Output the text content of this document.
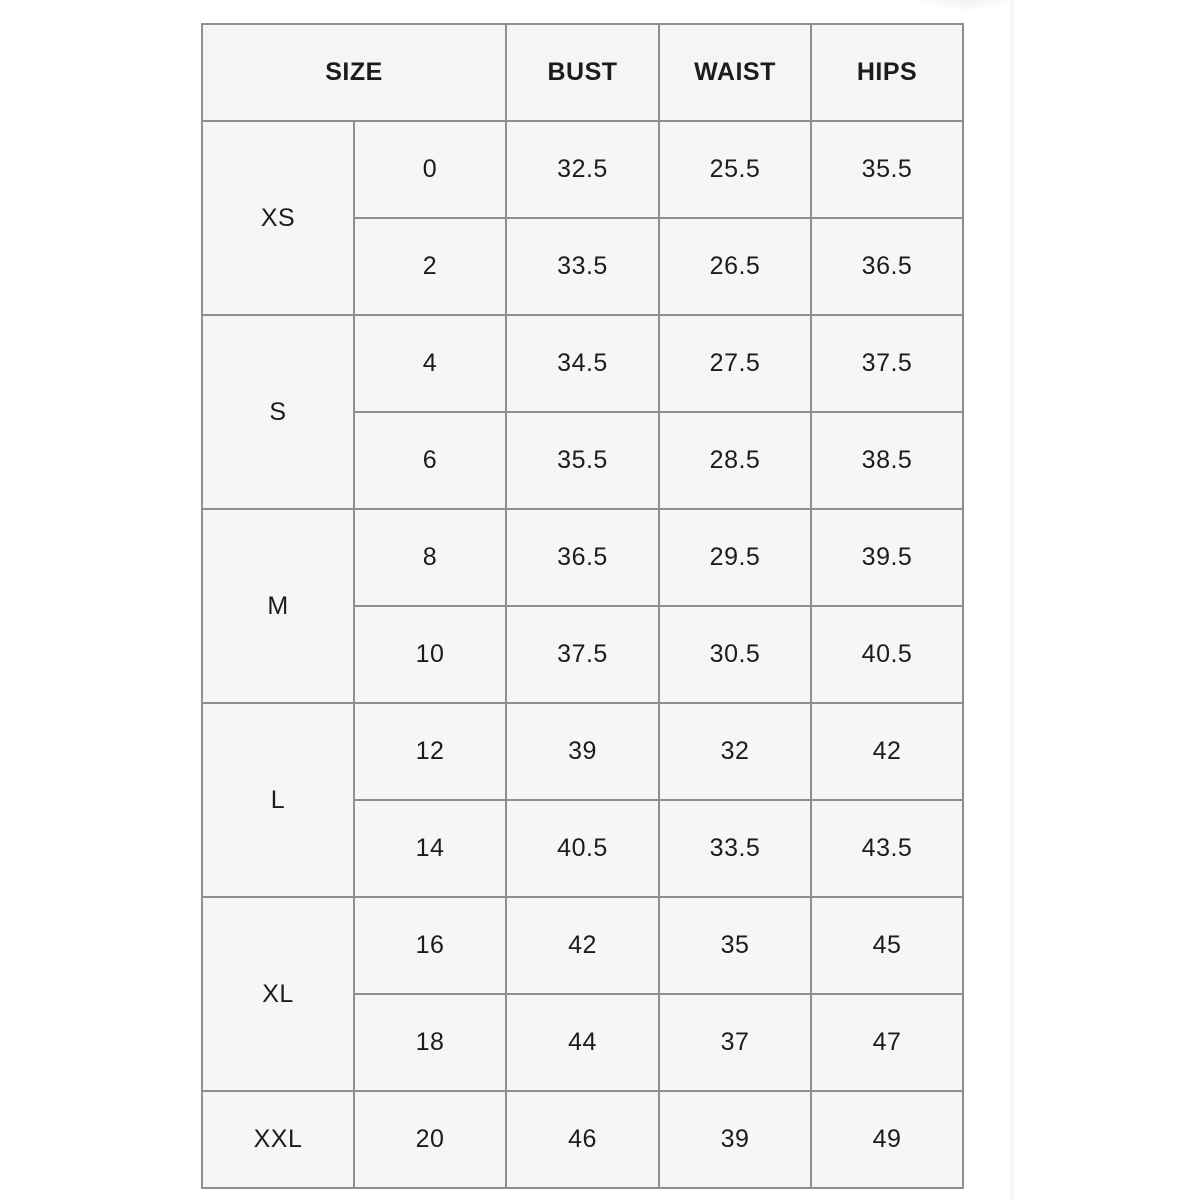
SIZE		BUST	WAIST	HIPS
XS	0	32.5	25.5	35.5
	2	33.5	26.5	36.5
S	4	34.5	27.5	37.5
	6	35.5	28.5	38.5
M	8	36.5	29.5	39.5
	10	37.5	30.5	40.5
L	12	39	32	42
	14	40.5	33.5	43.5
XL	16	42	35	45
	18	44	37	47
XXL	20	46	39	49
